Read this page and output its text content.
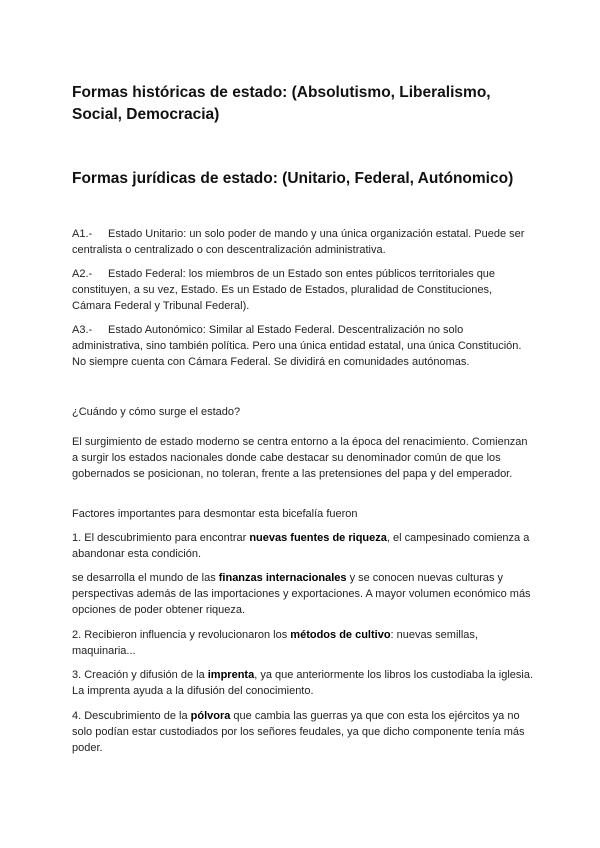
Formas históricas de estado: (Absolutismo, Liberalismo, Social, Democracia)
Formas jurídicas de estado: (Unitario, Federal, Autónomico)
A1.- Estado Unitario: un solo poder de mando y una única organización estatal. Puede ser centralista o centralizado o con descentralización administrativa.
A2.- Estado Federal: los miembros de un Estado son entes públicos territoriales que constituyen, a su vez, Estado. Es un Estado de Estados, pluralidad de Constituciones, Cámara Federal y Tribunal Federal).
A3.- Estado Autonómico: Similar al Estado Federal. Descentralización no solo administrativa, sino también política. Pero una única entidad estatal, una única Constitución. No siempre cuenta con Cámara Federal. Se dividirá en comunidades autónomas.
¿Cuándo y cómo surge el estado?
El surgimiento de estado moderno se centra entorno a la época del renacimiento. Comienzan a surgir los estados nacionales donde cabe destacar su denominador común de que los gobernados se posicionan, no toleran, frente a las pretensiones del papa y del emperador.
Factores importantes para desmontar esta bicefalía fueron
1. El descubrimiento para encontrar nuevas fuentes de riqueza, el campesinado comienza a abandonar esta condición.
se desarrolla el mundo de las finanzas internacionales y se conocen nuevas culturas y perspectivas además de las importaciones y exportaciones. A mayor volumen económico más opciones de poder obtener riqueza.
2. Recibieron influencia y revolucionaron los métodos de cultivo: nuevas semillas, maquinaria...
3. Creación y difusión de la imprenta, ya que anteriormente los libros los custodiaba la iglesia. La imprenta ayuda a la difusión del conocimiento.
4. Descubrimiento de la pólvora que cambia las guerras ya que con esta los ejércitos ya no solo podían estar custodiados por los señores feudales, ya que dicho componente tenía más poder.
